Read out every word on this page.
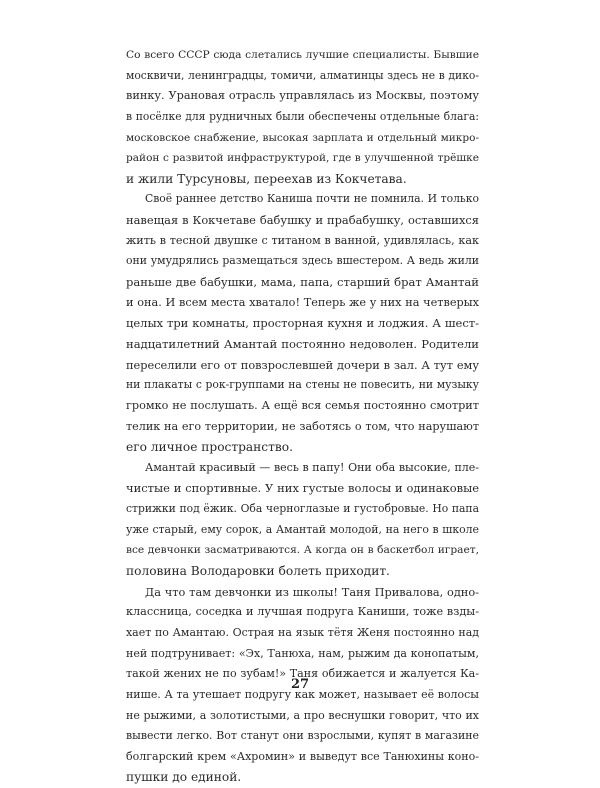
Со всего СССР сюда слетались лучшие специалисты. Бывшие
москвичи, ленинградцы, томичи, алматинцы здесь не в дико-
винку. Урановая отрасль управлялась из Москвы, поэтому
в посёлке для рудничных были обеспечены отдельные блага:
московское снабжение, высокая зарплата и отдельный микро-
район с развитой инфраструктурой, где в улучшенной трёшке
и жили Турсуновы, переехав из Кокчетава.
Своё раннее детство Каниша почти не помнила. И только
навещая в Кокчетаве бабушку и прабабушку, оставшихся
жить в тесной двушке с титаном в ванной, удивлялась, как
они умудрялись размещаться здесь вшестером. А ведь жили
раньше две бабушки, мама, папа, старший брат Амантай
и она. И всем места хватало! Теперь же у них на четверых
целых три комнаты, просторная кухня и лоджия. А шест-
надцатилетний Амантай постоянно недоволен. Родители
переселили его от повзрослевшей дочери в зал. А тут ему
ни плакаты с рок-группами на стены не повесить, ни музыку
громко не послушать. А ещё вся семья постоянно смотрит
телик на его территории, не заботясь о том, что нарушают
его личное пространство.
Амантай красивый — весь в папу! Они оба высокие, пле-
чистые и спортивные. У них густые волосы и одинаковые
стрижки под ёжик. Оба черноглазые и густобровые. Но папа
уже старый, ему сорок, а Амантай молодой, на него в школе
все девчонки засматриваются. А когда он в баскетбол играет,
половина Володаровки болеть приходит.
Да что там девчонки из школы! Таня Привалова, одно-
классница, соседка и лучшая подруга Каниши, тоже взды-
хает по Амантаю. Острая на язык тётя Женя постоянно над
ней подтрунивает: «Эх, Танюха, нам, рыжим да конопатым,
такой жених не по зубам!» Таня обижается и жалуется Ка-
нише. А та утешает подругу как может, называет её волосы
не рыжими, а золотистыми, а про веснушки говорит, что их
вывести легко. Вот станут они взрослыми, купят в магазине
болгарский крем «Ахромин» и выведут все Танюхины коно-
пушки до единой.
27
